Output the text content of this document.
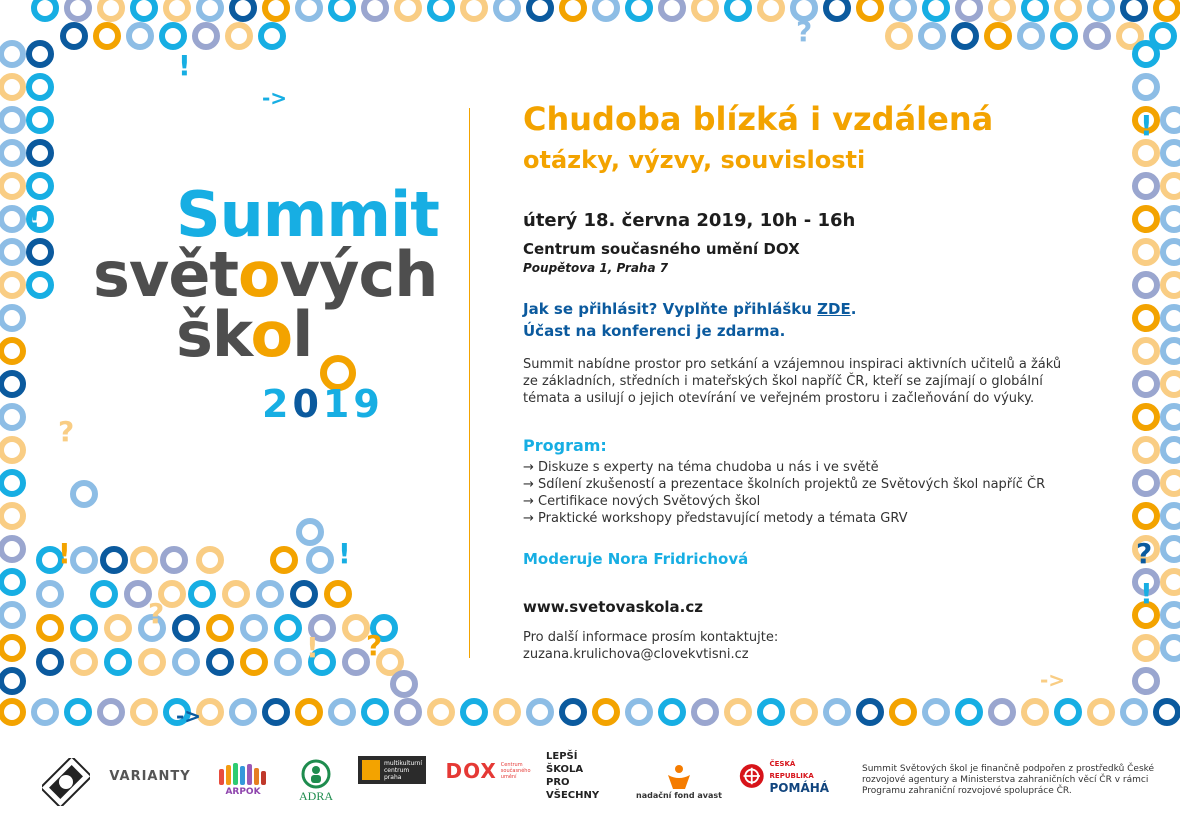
!
?
!
?
!	!
?
! ?
!
?
!
->
->
->
Summit
světových
škol
2019
Chudoba blízká i vzdálená
otázky, výzvy, souvislosti
úterý 18. června 2019, 10h - 16h
Centrum současného umění DOX
Poupětova 1, Praha 7
Jak se přihlásit? Vyplňte přihlášku ZDE.
Účast na konferenci je zdarma.
Summit nabídne prostor pro setkání a vzájemnou inspiraci aktivních učitelů a žáků ze základních, středních i mateřských škol napříč ČR, kteří se zajímají o globální témata a usilují o jejich otevírání ve veřejném prostoru i začleňování do výuky.
Program:
→ Diskuze s experty na téma chudoba u nás i ve světě
→ Sdílení zkušeností a prezentace školních projektů ze Světových škol napříč ČR
→ Certifikace nových Světových škol
→ Praktické workshopy představující metody a témata GRV
Moderuje Nora Fridrichová
www.svetovaskola.cz
Pro další informace prosím kontaktujte:
zuzana.krulichova@clovekvtisni.cz
VARIANTY
ARPOK	ADRA
multikulturní
centrum
praha	DOX Centrum
současného
umění
LEPŠÍ ŠKOLA
PRO VŠECHNY	nadační fond avast
ČESKÁ REPUBLIKA
POMÁHÁ
Summit Světových škol je finančně podpořen z prostředků České rozvojové agentury a Ministerstva zahraničních věcí ČR v rámci Programu zahraniční rozvojové spolupráce ČR.
